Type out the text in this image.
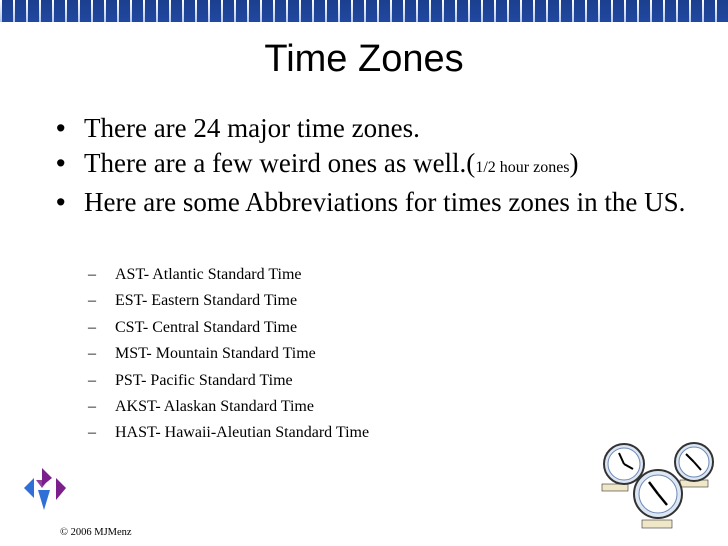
Time Zones
• There are 24 major time zones.
• There are a few weird ones as well.(1/2 hour zones)
• Here are some Abbreviations for times zones in the US.
– AST- Atlantic Standard Time
– EST- Eastern Standard Time
– CST- Central Standard Time
– MST- Mountain Standard Time
– PST- Pacific Standard Time
– AKST- Alaskan Standard Time
– HAST- Hawaii-Aleutian Standard Time
© 2006 MJMenz
